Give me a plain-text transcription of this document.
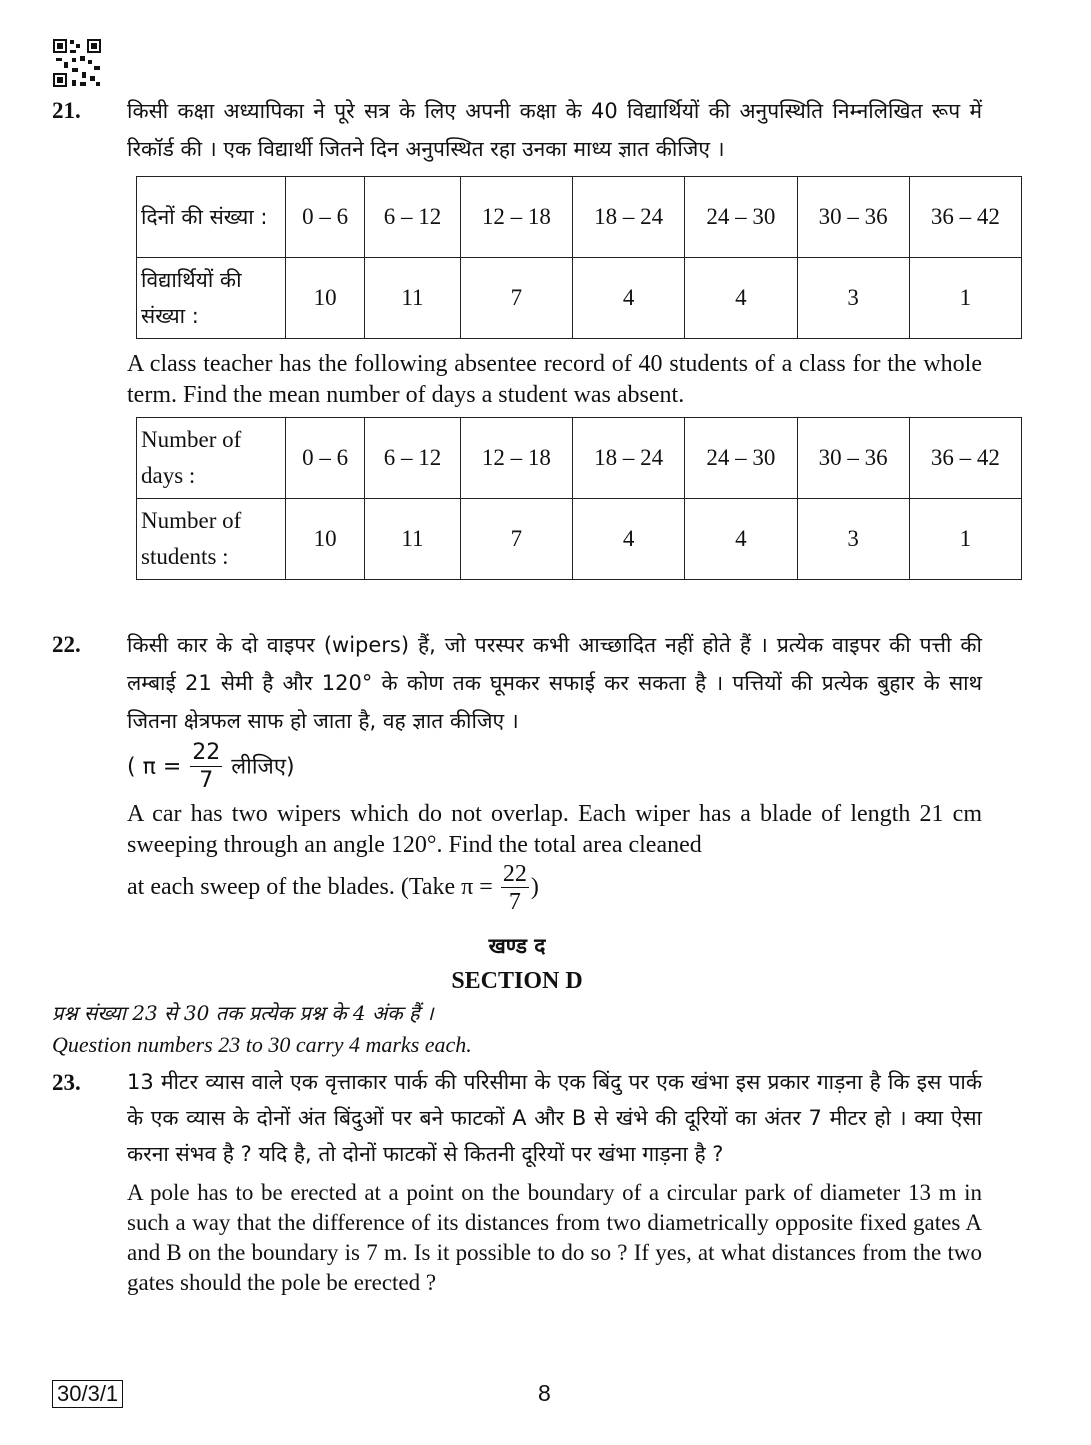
21. किसी कक्षा अध्यापिका ने पूरे सत्र के लिए अपनी कक्षा के 40 विद्यार्थियों की अनुपस्थिति निम्नलिखित रूप में रिकॉर्ड की । एक विद्यार्थी जितने दिन अनुपस्थित रहा उनका माध्य ज्ञात कीजिए ।
दिनों की संख्या :	0 – 6	6 – 12	12 – 18	18 – 24	24 – 30	30 – 36	36 – 42
विद्यार्थियों की संख्या :	10	11	7	4	4	3	1
A class teacher has the following absentee record of 40 students of a class for the whole term. Find the mean number of days a student was absent.
Number of days :	0 – 6	6 – 12	12 – 18	18 – 24	24 – 30	30 – 36	36 – 42
Number of students :	10	11	7	4	4	3	1
22. किसी कार के दो वाइपर (wipers) हैं, जो परस्पर कभी आच्छादित नहीं होते हैं । प्रत्येक वाइपर की पत्ती की लम्बाई 21 सेमी है और 120° के कोण तक घूमकर सफाई कर सकता है । पत्तियों की प्रत्येक बुहार के साथ जितना क्षेत्रफल साफ हो जाता है, वह ज्ञात कीजिए ।
( $\pi = \frac{22}{7}$ लीजिए)
A car has two wipers which do not overlap. Each wiper has a blade of length 21 cm sweeping through an angle 120°. Find the total area cleaned
at each sweep of the blades. (Take $\pi = \frac{22}{7}$ )
खण्ड द
SECTION D
प्रश्न संख्या 23 से 30 तक प्रत्येक प्रश्न के 4 अंक हैं ।
Question numbers 23 to 30 carry 4 marks each.
23. 13 मीटर व्यास वाले एक वृत्ताकार पार्क की परिसीमा के एक बिंदु पर एक खंभा इस प्रकार गाड़ना है कि इस पार्क के एक व्यास के दोनों अंत बिंदुओं पर बने फाटकों A और B से खंभे की दूरियों का अंतर 7 मीटर हो । क्या ऐसा करना संभव है ? यदि है, तो दोनों फाटकों से कितनी दूरियों पर खंभा गाड़ना है ?
A pole has to be erected at a point on the boundary of a circular park of diameter 13 m in such a way that the difference of its distances from two diametrically opposite fixed gates A and B on the boundary is 7 m. Is it possible to do so ? If yes, at what distances from the two gates should the pole be erected ?
30/3/1	8
